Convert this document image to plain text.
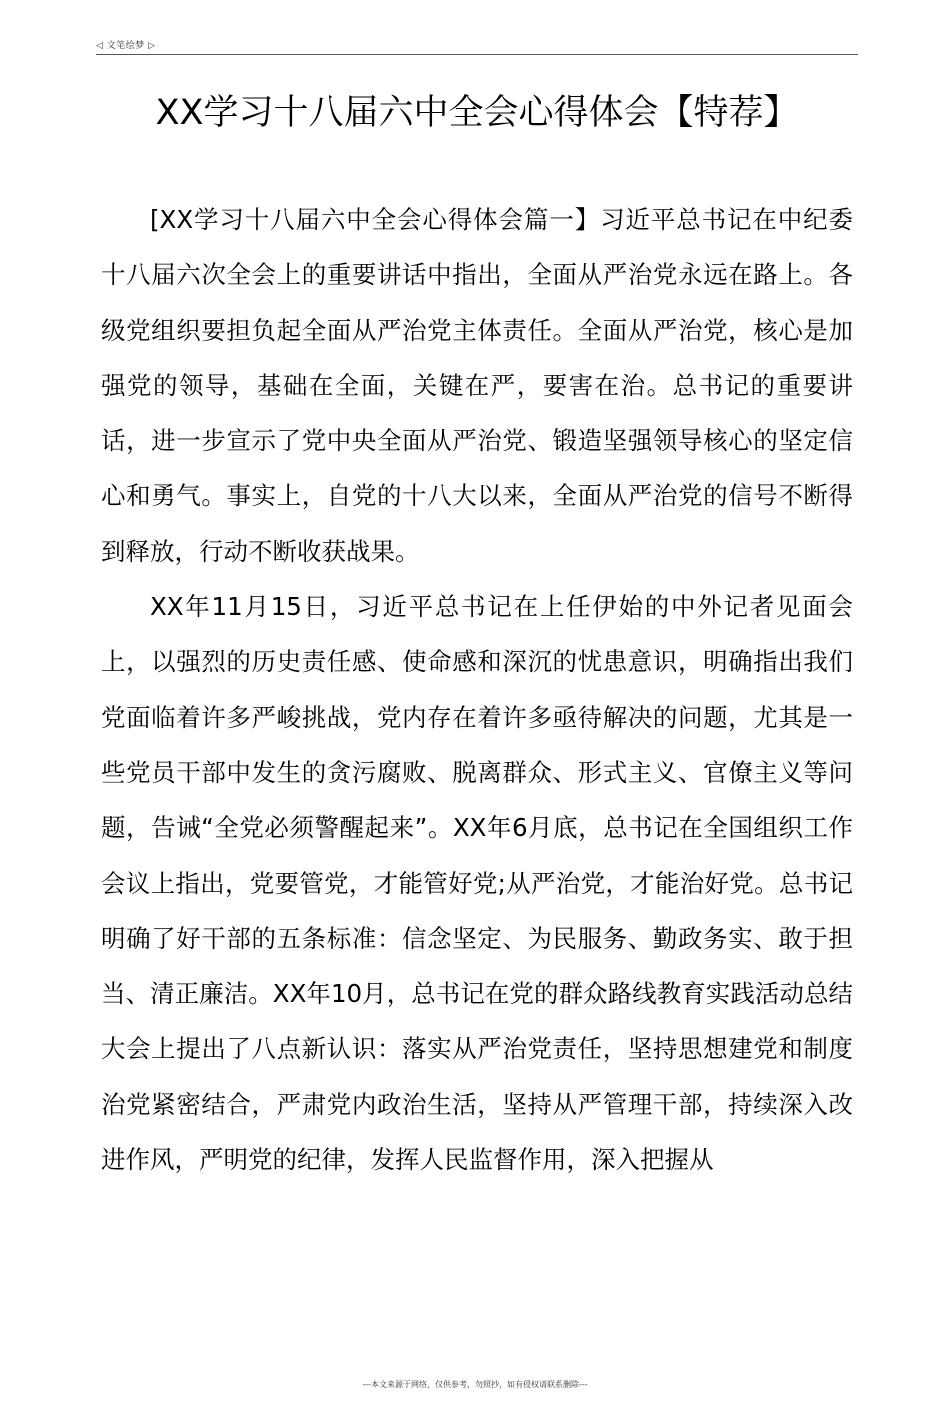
◁ 文笔绘梦 ▷
XX学习十八届六中全会心得体会【特荐】

[XX学习十八届六中全会心得体会篇一】习近平总书记在中纪委十八届六次全会上的重要讲话中指出，全面从严治党永远在路上。各级党组织要担负起全面从严治党主体责任。全面从严治党，核心是加强党的领导，基础在全面，关键在严，要害在治。总书记的重要讲话，进一步宣示了党中央全面从严治党、锻造坚强领导核心的坚定信心和勇气。事实上，自党的十八大以来，全面从严治党的信号不断得到释放，行动不断收获战果。

XX年11月15日，习近平总书记在上任伊始的中外记者见面会上，以强烈的历史责任感、使命感和深沉的忧患意识，明确指出我们党面临着许多严峻挑战，党内存在着许多亟待解决的问题，尤其是一些党员干部中发生的贪污腐败、脱离群众、形式主义、官僚主义等问题，告诫“全党必须警醒起来”。XX年6月底，总书记在全国组织工作会议上指出，党要管党，才能管好党;从严治党，才能治好党。总书记明确了好干部的五条标准：信念坚定、为民服务、勤政务实、敢于担当、清正廉洁。XX年10月，总书记在党的群众路线教育实践活动总结大会上提出了八点新认识：落实从严治党责任，坚持思想建党和制度治党紧密结合，严肃党内政治生活，坚持从严管理干部，持续深入改进作风，严明党的纪律，发挥人民监督作用，深入把握从

---本文来源于网络，仅供参考，勿照抄，如有侵权请联系删除---
